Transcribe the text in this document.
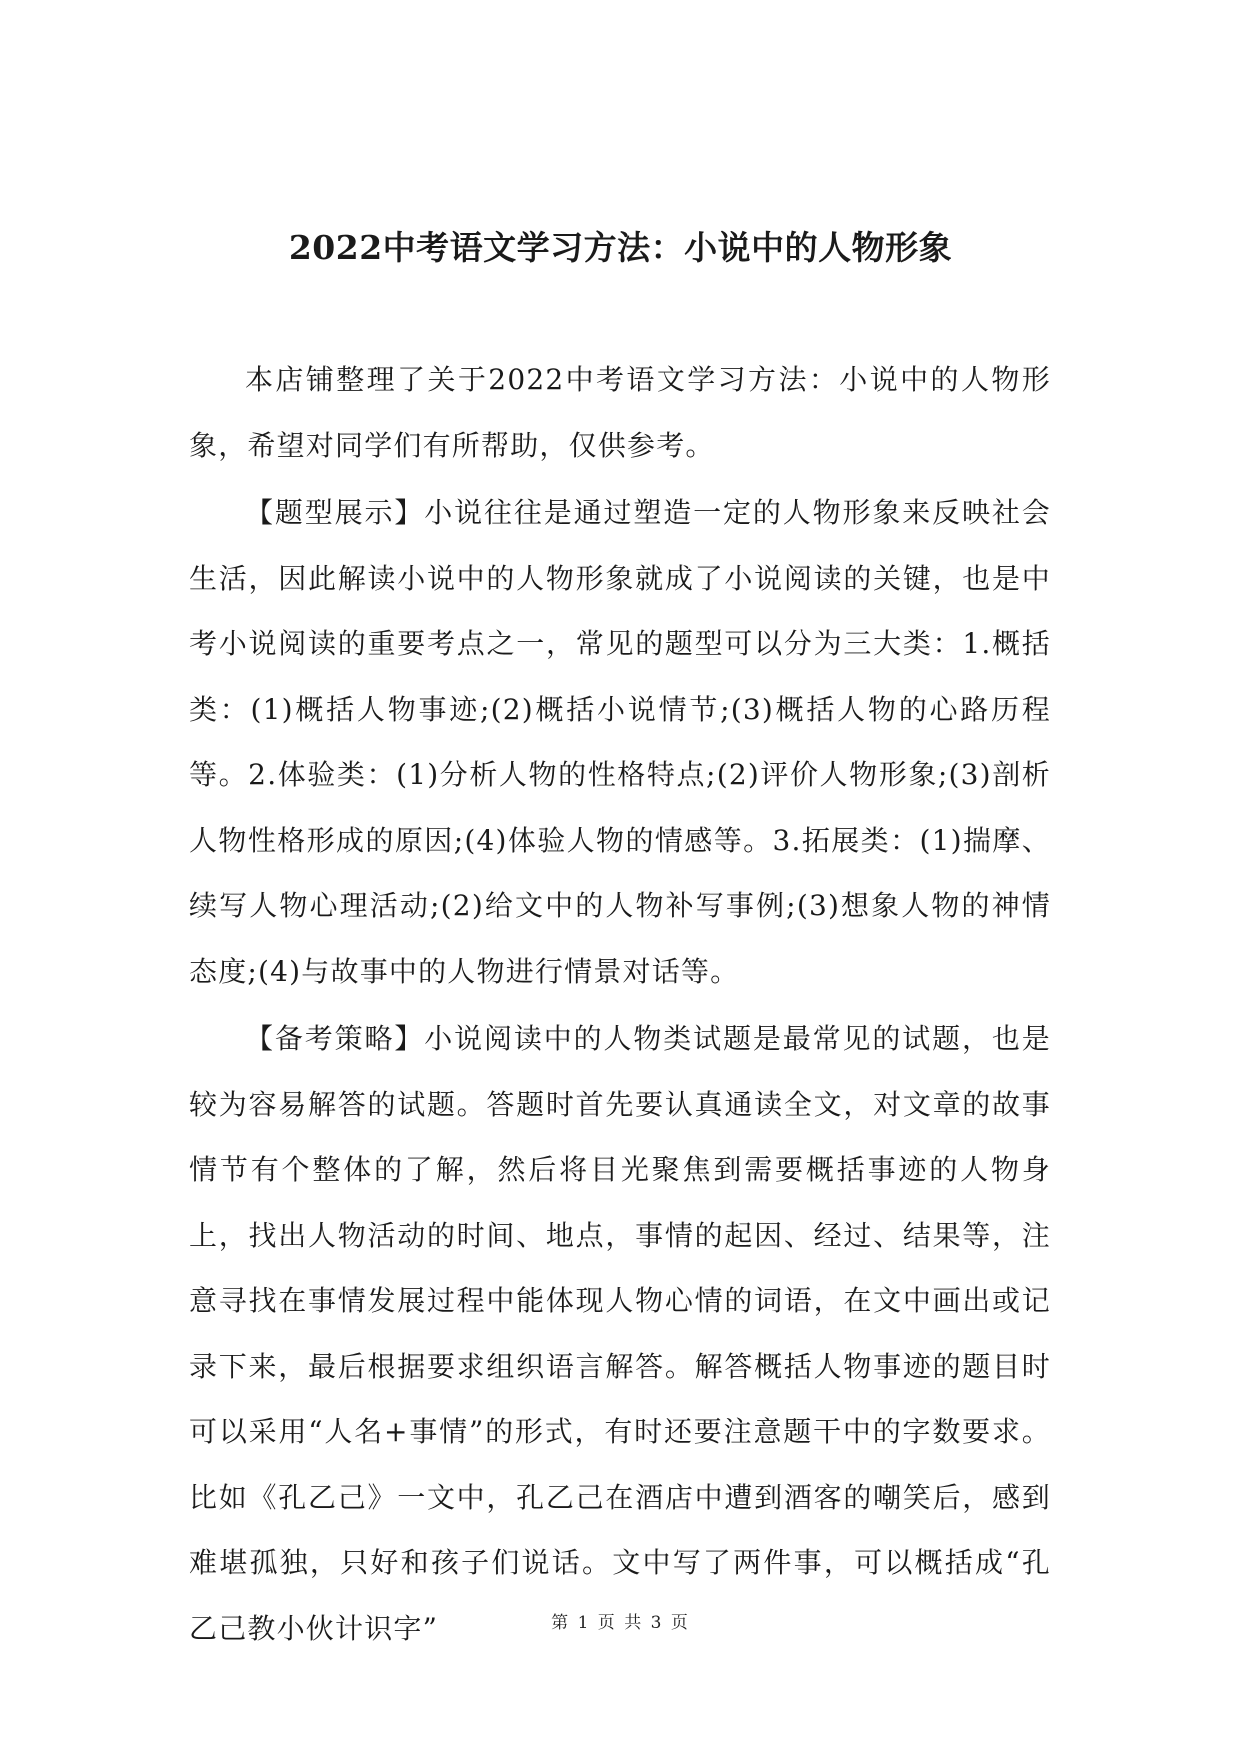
2022中考语文学习方法：小说中的人物形象

本店铺整理了关于2022中考语文学习方法：小说中的人物形象，希望对同学们有所帮助，仅供参考。

【题型展示】小说往往是通过塑造一定的人物形象来反映社会生活，因此解读小说中的人物形象就成了小说阅读的关键，也是中考小说阅读的重要考点之一，常见的题型可以分为三大类：1.概括类：(1)概括人物事迹;(2)概括小说情节;(3)概括人物的心路历程等。2.体验类：(1)分析人物的性格特点;(2)评价人物形象;(3)剖析人物性格形成的原因;(4)体验人物的情感等。3.拓展类：(1)揣摩、续写人物心理活动;(2)给文中的人物补写事例;(3)想象人物的神情态度;(4)与故事中的人物进行情景对话等。

【备考策略】小说阅读中的人物类试题是最常见的试题，也是较为容易解答的试题。答题时首先要认真通读全文，对文章的故事情节有个整体的了解，然后将目光聚焦到需要概括事迹的人物身上，找出人物活动的时间、地点，事情的起因、经过、结果等，注意寻找在事情发展过程中能体现人物心情的词语，在文中画出或记录下来，最后根据要求组织语言解答。解答概括人物事迹的题目时可以采用“人名+事情”的形式，有时还要注意题干中的字数要求。比如《孔乙己》一文中，孔乙己在酒店中遭到酒客的嘲笑后，感到难堪孤独，只好和孩子们说话。文中写了两件事，可以概括成“孔乙己教小伙计识字”	第 1 页 共 3 页
